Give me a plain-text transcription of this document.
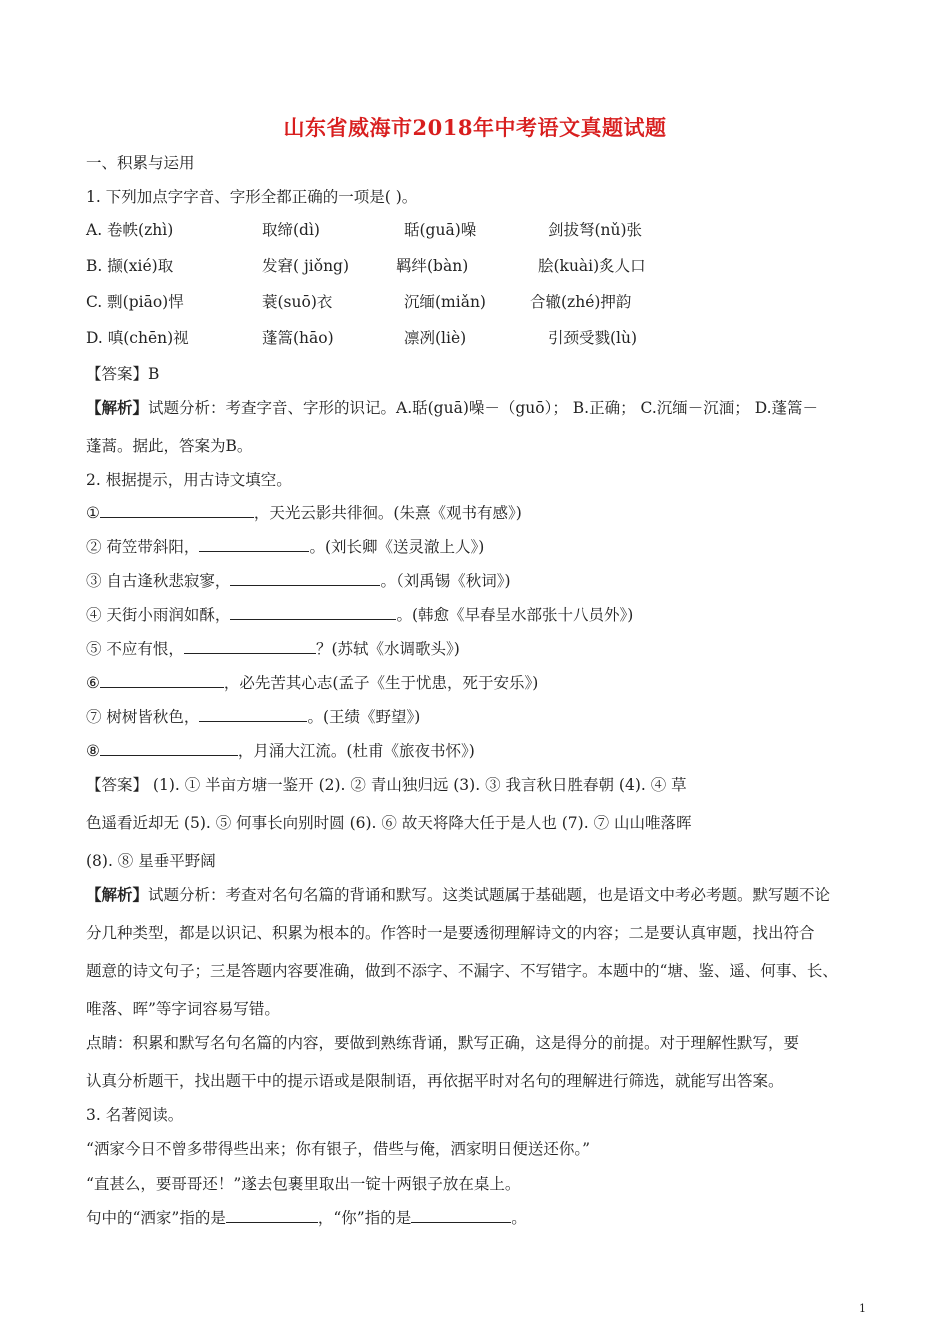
山东省威海市2018年中考语文真题试题
一、积累与运用
1. 下列加点字字音、字形全都正确的一项是( )。
A. 卷帙(zhì)	取缔(dì)	聒(guā)噪	剑拔弩(nǔ)张
B. 撷(xié)取	发窘( jiǒng)	羁绊(bàn)	脍(kuài)炙人口
C. 剽(piāo)悍	蓑(suō)衣	沉缅(miǎn)	合辙(zhé)押韵
D. 嗔(chēn)视	蓬篙(hāo)	凛冽(liè)	引颈受戮(lù)
【答案】B
【解析】试题分析：考查字音、字形的识记。A.聒(guā)噪－（guō）； B.正确； C.沉缅－沉湎； D.蓬篙－
蓬蒿。据此，答案为B。
2. 根据提示，用古诗文填空。
①	，天光云影共徘徊。(朱熹《观书有感》)
② 荷笠带斜阳，	。(刘长卿《送灵澈上人》)
③ 自古逢秋悲寂寥，	。（刘禹锡《秋词》)
④ 天街小雨润如酥，	。(韩愈《早春呈水部张十八员外》)
⑤ 不应有恨，	？(苏轼《水调歌头》)
⑥	，必先苦其心志(孟子《生于忧患，死于安乐》)
⑦ 树树皆秋色，	。(王绩《野望》)
⑧	，月涌大江流。(杜甫《旅夜书怀》)
【答案】 (1). ① 半亩方塘一鉴开 (2). ② 青山独归远 (3). ③ 我言秋日胜春朝 (4). ④ 草
色遥看近却无 (5). ⑤ 何事长向别时圆 (6). ⑥ 故天将降大任于是人也 (7). ⑦ 山山唯落晖
(8). ⑧ 星垂平野阔
【解析】试题分析：考查对名句名篇的背诵和默写。这类试题属于基础题，也是语文中考必考题。默写题不论
分几种类型，都是以识记、积累为根本的。作答时一是要透彻理解诗文的内容；二是要认真审题，找出符合
题意的诗文句子；三是答题内容要准确，做到不添字、不漏字、不写错字。本题中的“塘、鉴、遥、何事、长、
唯落、晖”等字词容易写错。
点睛：积累和默写名句名篇的内容，要做到熟练背诵，默写正确，这是得分的前提。对于理解性默写，要
认真分析题干，找出题干中的提示语或是限制语，再依据平时对名句的理解进行筛选，就能写出答案。
3. 名著阅读。
“洒家今日不曾多带得些出来；你有银子，借些与俺，洒家明日便送还你。”
“直甚么，要哥哥还！”遂去包裹里取出一锭十两银子放在桌上。
句中的“洒家”指的是	，“你”指的是	。
1
